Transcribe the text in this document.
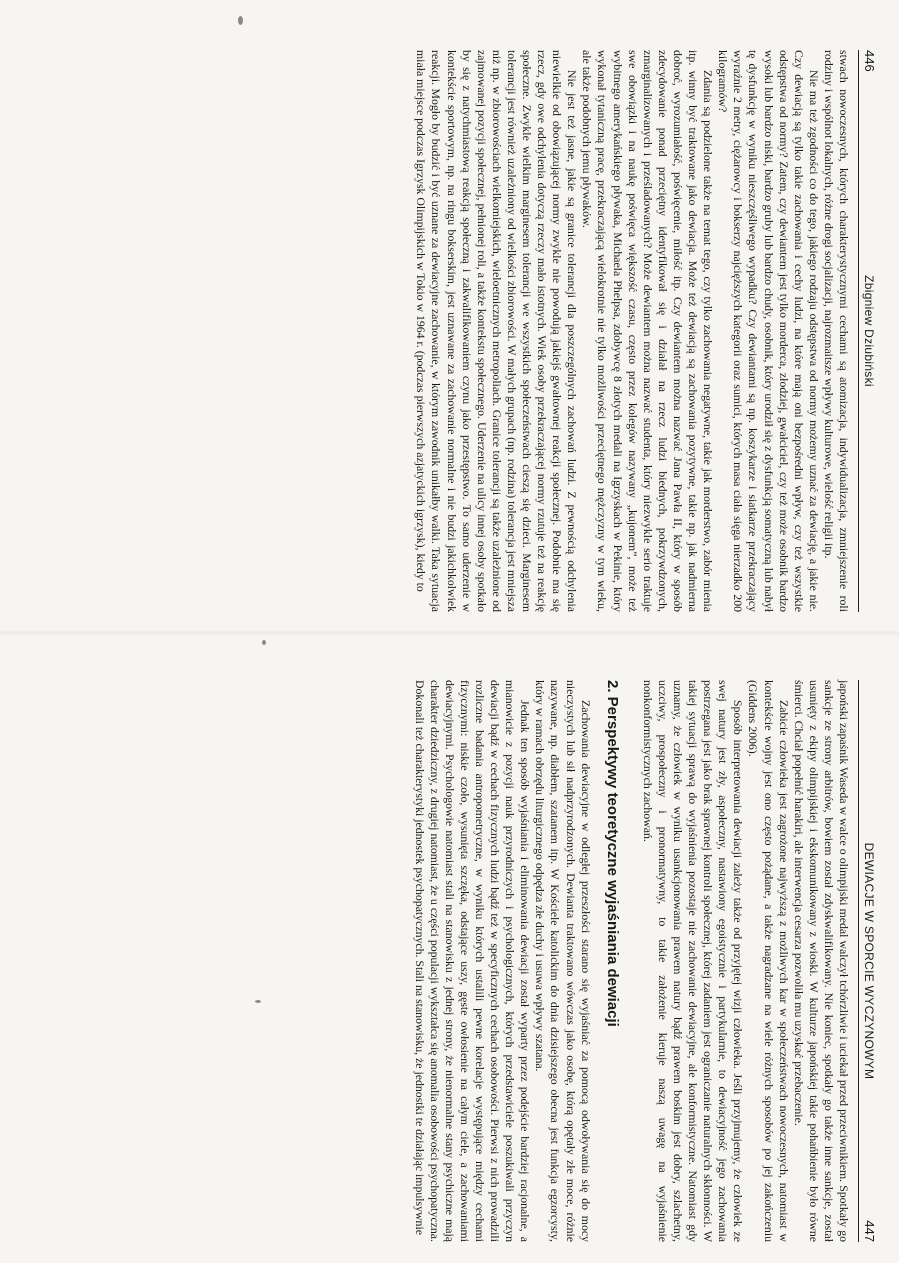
446
Zbigniew Dziubiński

stwach nowoczesnych, których charakterystycznymi cechami są atomizacja, indywidualizacja, zmniejszenie roli rodziny i wspólnot lokalnych, różne drogi socjalizacji, najrozmaitsze wpływy kulturowe, wielość religii itp.

Nie ma też zgodności co do tego, jakiego rodzaju odstępstwa od normy możemy uznać za dewiację, a jakie nie. Czy dewiacją są tylko takie zachowania i cechy ludzi, na które mają oni bezpośredni wpływ, czy też wszystkie odstępstwa od normy? Zatem, czy dewiantem jest tylko morderca, złodziej, gwałciciel, czy też może osobnik bardzo wysoki lub bardzo niski, bardzo gruby lub bardzo chudy, osobnik, który urodził się z dysfunkcją somatyczną lub nabył tę dysfunkcję w wyniku nieszczęśliwego wypadku? Czy dewiantami są np. koszykarze i siatkarze przekraczający wyraźnie 2 metry, ciężarowcy i bokserzy najcięższych kategorii oraz sumici, których masa ciała sięga nierzadko 200 kilogramów?

Zdania są podzielone także na temat tego, czy tylko zachowania negatywne, takie jak morderstwo, zabór mienia itp. winny być traktowane jako dewiacja. Może też dewiacją są zachowania pozytywne, takie np. jak nadmierna dobroć, wyrozumiałość, poświęcenie, miłość itp. Czy dewiantem można nazwać Jana Pawła II, który w sposób zdecydowanie ponad przeciętny identyfikował się i działał na rzecz ludzi biednych, pokrzywdzonych, zmarginalizowanych i prześladowanych? Może dewiantem można nazwać studenta, który niezwykle serio traktuje swe obowiązki i na naukę poświęca większość czasu, często przez kolegów nazywany „kujonem”, może też wybitnego amerykańskiego pływaka, Michaela Phelpsa, zdobywcę 8 złotych medali na Igrzyskach w Pekinie, który wykonał tytaniczną pracę, przekraczającą wielokrotnie nie tylko możliwości przeciętnego mężczyzny w tym wieku, ale także podobnych jemu pływaków.

Nie jest też jasne, jakie są granice tolerancji dla poszczególnych zachowań ludzi. Z pewnością odchylenia niewielkie od obowiązującej normy zwykle nie powodują jakiejś gwałtownej reakcji społecznej. Podobnie ma się rzecz, gdy owe odchylenia dotyczą rzeczy mało istotnych. Wiek osoby przekraczającej normy rzutuje też na reakcję społeczne. Zwykle wielkim marginesem tolerancji we wszystkich społeczeństwach cieszą się dzieci. Marginesem tolerancji jest również uzależniony od wielkości zbiorowości. W małych grupach (np. rodzina) tolerancja jest mniejsza niż np. w zbiorowościach wielkomiejskich, wieloetnicznych metropoliach. Granice tolerancji są także uzależnione od zajmowanej pozycji społecznej, pełnionej roli, a także kontekstu społecznego. Uderzenie na ulicy innej osoby spotkało by się z natychmiastową reakcją społeczną i zakwalifikowaniem czynu jako przestępstwo. To samo uderzenie w kontekście sportowym, np. na ringu bokserskim, jest uznawane za zachowanie normalne i nie budzi jakichkolwiek reakcji. Mogło by budzić i być uznane za dewiacyjne zachowanie, w którym zawodnik unikałby walki. Taka sytuacja miała miejsce podczas Igrzysk Olimpijskich w Tokio w 1964 r. (podczas pierwszych azjatyckich igrzysk), kiedy to

DEWIACJE W SPORCIE WYCZYNOWYM
447

japoński zapaśnik Waseda w walce o olimpijski medal walczył tchórzliwie i uciekał przed przeciwnikiem. Spotkały go sankcje ze strony arbitrów, bowiem został zdyskwalifikowany. Nie koniec, spotkały go także inne sankcje, został usunięty z ekipy olimpijskiej i ekskomunikowany z wioski. W kulturze japońskiej takie pohańbienie było równe śmierci. Chciał popełnić harakiri, ale interwencja cesarza pozwoliła mu uzyskać przebaczenie.

Zabicie człowieka jest zagrożone najwyższą z możliwych kar w społeczeństwach nowoczesnych, natomiast w kontekście wojny jest ono często pożądane, a także nagradzane na wiele różnych sposobów po jej zakończeniu (Giddens 2006).

Sposób interpretowania dewiacji zależy także od przyjętej wizji człowieka. Jeśli przyjmujemy, że człowiek ze swej natury jest zły, aspołeczny, nastawiony egoistycznie i partykularnie, to dewiacyjność jego zachowania postrzegana jest jako brak sprawnej kontroli społecznej, której zadaniem jest ograniczanie naturalnych skłonności. W takiej sytuacji sprawą do wyjaśnienia pozostaje nie zachowanie dewiacyjne, ale konformistyczne. Natomiast gdy uznamy, że człowiek w wyniku usankcjonowania prawem natury bądź prawem boskim jest dobry, szlachetny, uczciwy, prospołeczny i pronormatywny, to takie założenie kieruje naszą uwagę na wyjaśnienie nonkonformistycznych zachowań.

2. Perspektywy teoretyczne wyjaśniania dewiacji

Zachowania dewiacyjne w odległej przeszłości starano się wyjaśniać za pomocą odwoływania się do mocy nieczystych lub sił nadprzyrodzonych. Dewianta traktowano wówczas jako osobę, którą opętały złe moce, różnie nazywane, np. diabłem, szatanem itp. W Kościele katolickim do dnia dzisiejszego obecna jest funkcja egzorcysty, który w ramach obrzędu liturgicznego odpędza złe duchy i usuwa wpływy szatana.

Jednak ten sposób wyjaśniania i eliminowania dewiacji został wyparty przez podejście bardziej racjonalne, a mianowicie z pozycji nauk przyrodniczych i psychologicznych, których przedstawiciele poszukiwali przyczyn dewiacji bądź w cechach fizycznych ludzi bądź też w specyficznych cechach osobowości. Pierwsi z nich prowadzili rozliczne badania antropometryczne, w wyniku których ustalili pewne korelacje występujące między cechami fizycznymi: niskie czoło, wysunięta szczęka, odstające uszy, gęste owłosienie na całym ciele, a zachowaniami dewiacyjnymi. Psychologowie natomiast stali na stanowisku z jednej strony, że nienormalne stany psychiczne mają charakter dziedziczny, z drugiej natomiast, że u części populacji wykształca się anomalia osobowości psychopatyczna. Dokonali też charakterystyki jednostek psychopatycznych. Stali na stanowisku, że jednostki te działając impulsywnie
